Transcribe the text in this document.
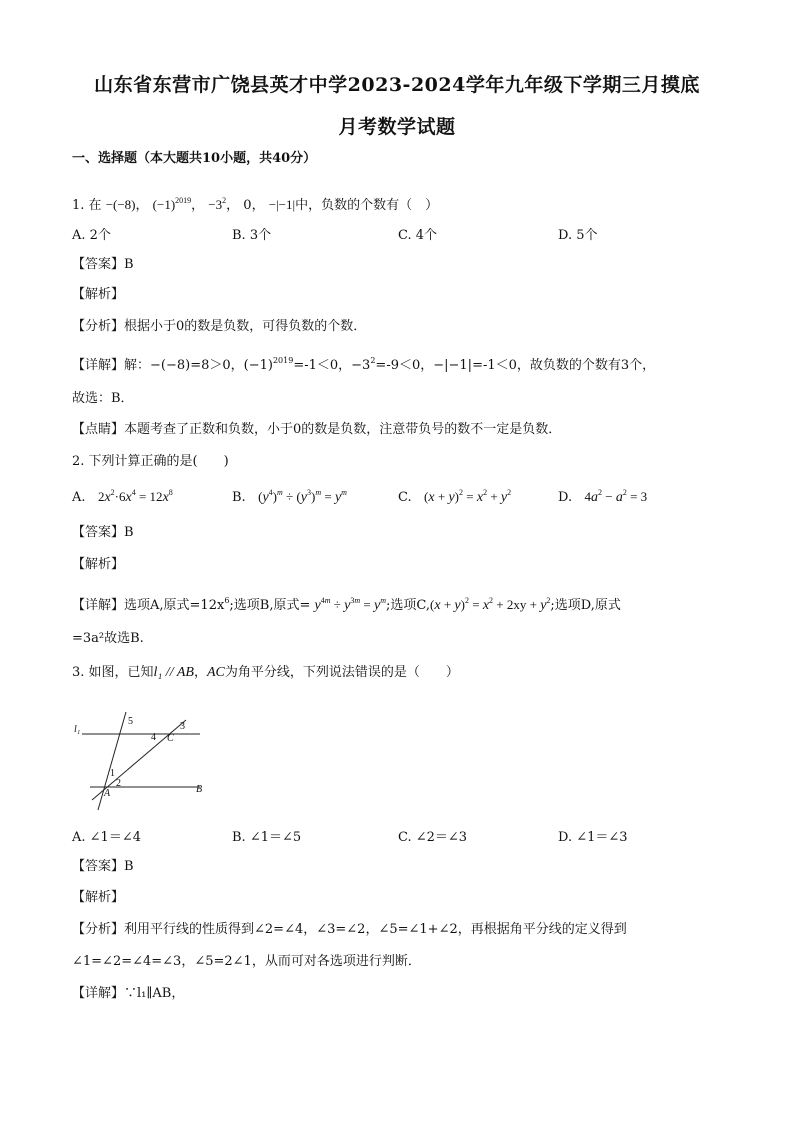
山东省东营市广饶县英才中学2023-2024学年九年级下学期三月摸底
月考数学试题
一、选择题（本大题共10小题，共40分）
1. 在 −(−8)， $(-1)^{2019}$， $-3^2$， 0， −|−1|中，负数的个数有（　）
A. 2个	B. 3个	C. 4个	D. 5个
【答案】B
【解析】
【分析】根据小于0的数是负数，可得负数的个数．
【详解】解：−(−8)=8＞0，$(-1)^{2019}=-1<0$，$-3^2=-9<0$，−|−1|=-1＜0，故负数的个数有3个，
故选：B．
【点睛】本题考查了正数和负数，小于0的数是负数，注意带负号的数不一定是负数．
2. 下列计算正确的是(　　)
A. $2x^2\cdot 6x^4 = 12x^8$	B. $(y^4)^m \div (y^3)^m = y^m$	C. $(x + y)^2 = x^2 + y^2$	D. $4a^2 - a^2 = 3$
【答案】B
【解析】
【详解】选项A,原式$=12x^6$;选项B,原式= $y^{4m} \div y^{3m} = y^m$;选项$C,(x + y)^2 = x^2 + 2xy + y^2$;选项D,原式
=3a²故选B.
3. 如图，已知l₁ // AB，AC为角平分线，下列说法错误的是（　　）
l₁
5
4 C
3
1
2
A	B
A. ∠1＝∠4	B. ∠1＝∠5	C. ∠2＝∠3	D. ∠1＝∠3
【答案】B
【解析】
【分析】利用平行线的性质得到∠2=∠4，∠3=∠2，∠5=∠1+∠2，再根据角平分线的定义得到
∠1=∠2=∠4=∠3，∠5=2∠1，从而可对各选项进行判断．
【详解】∵l₁∥AB，
